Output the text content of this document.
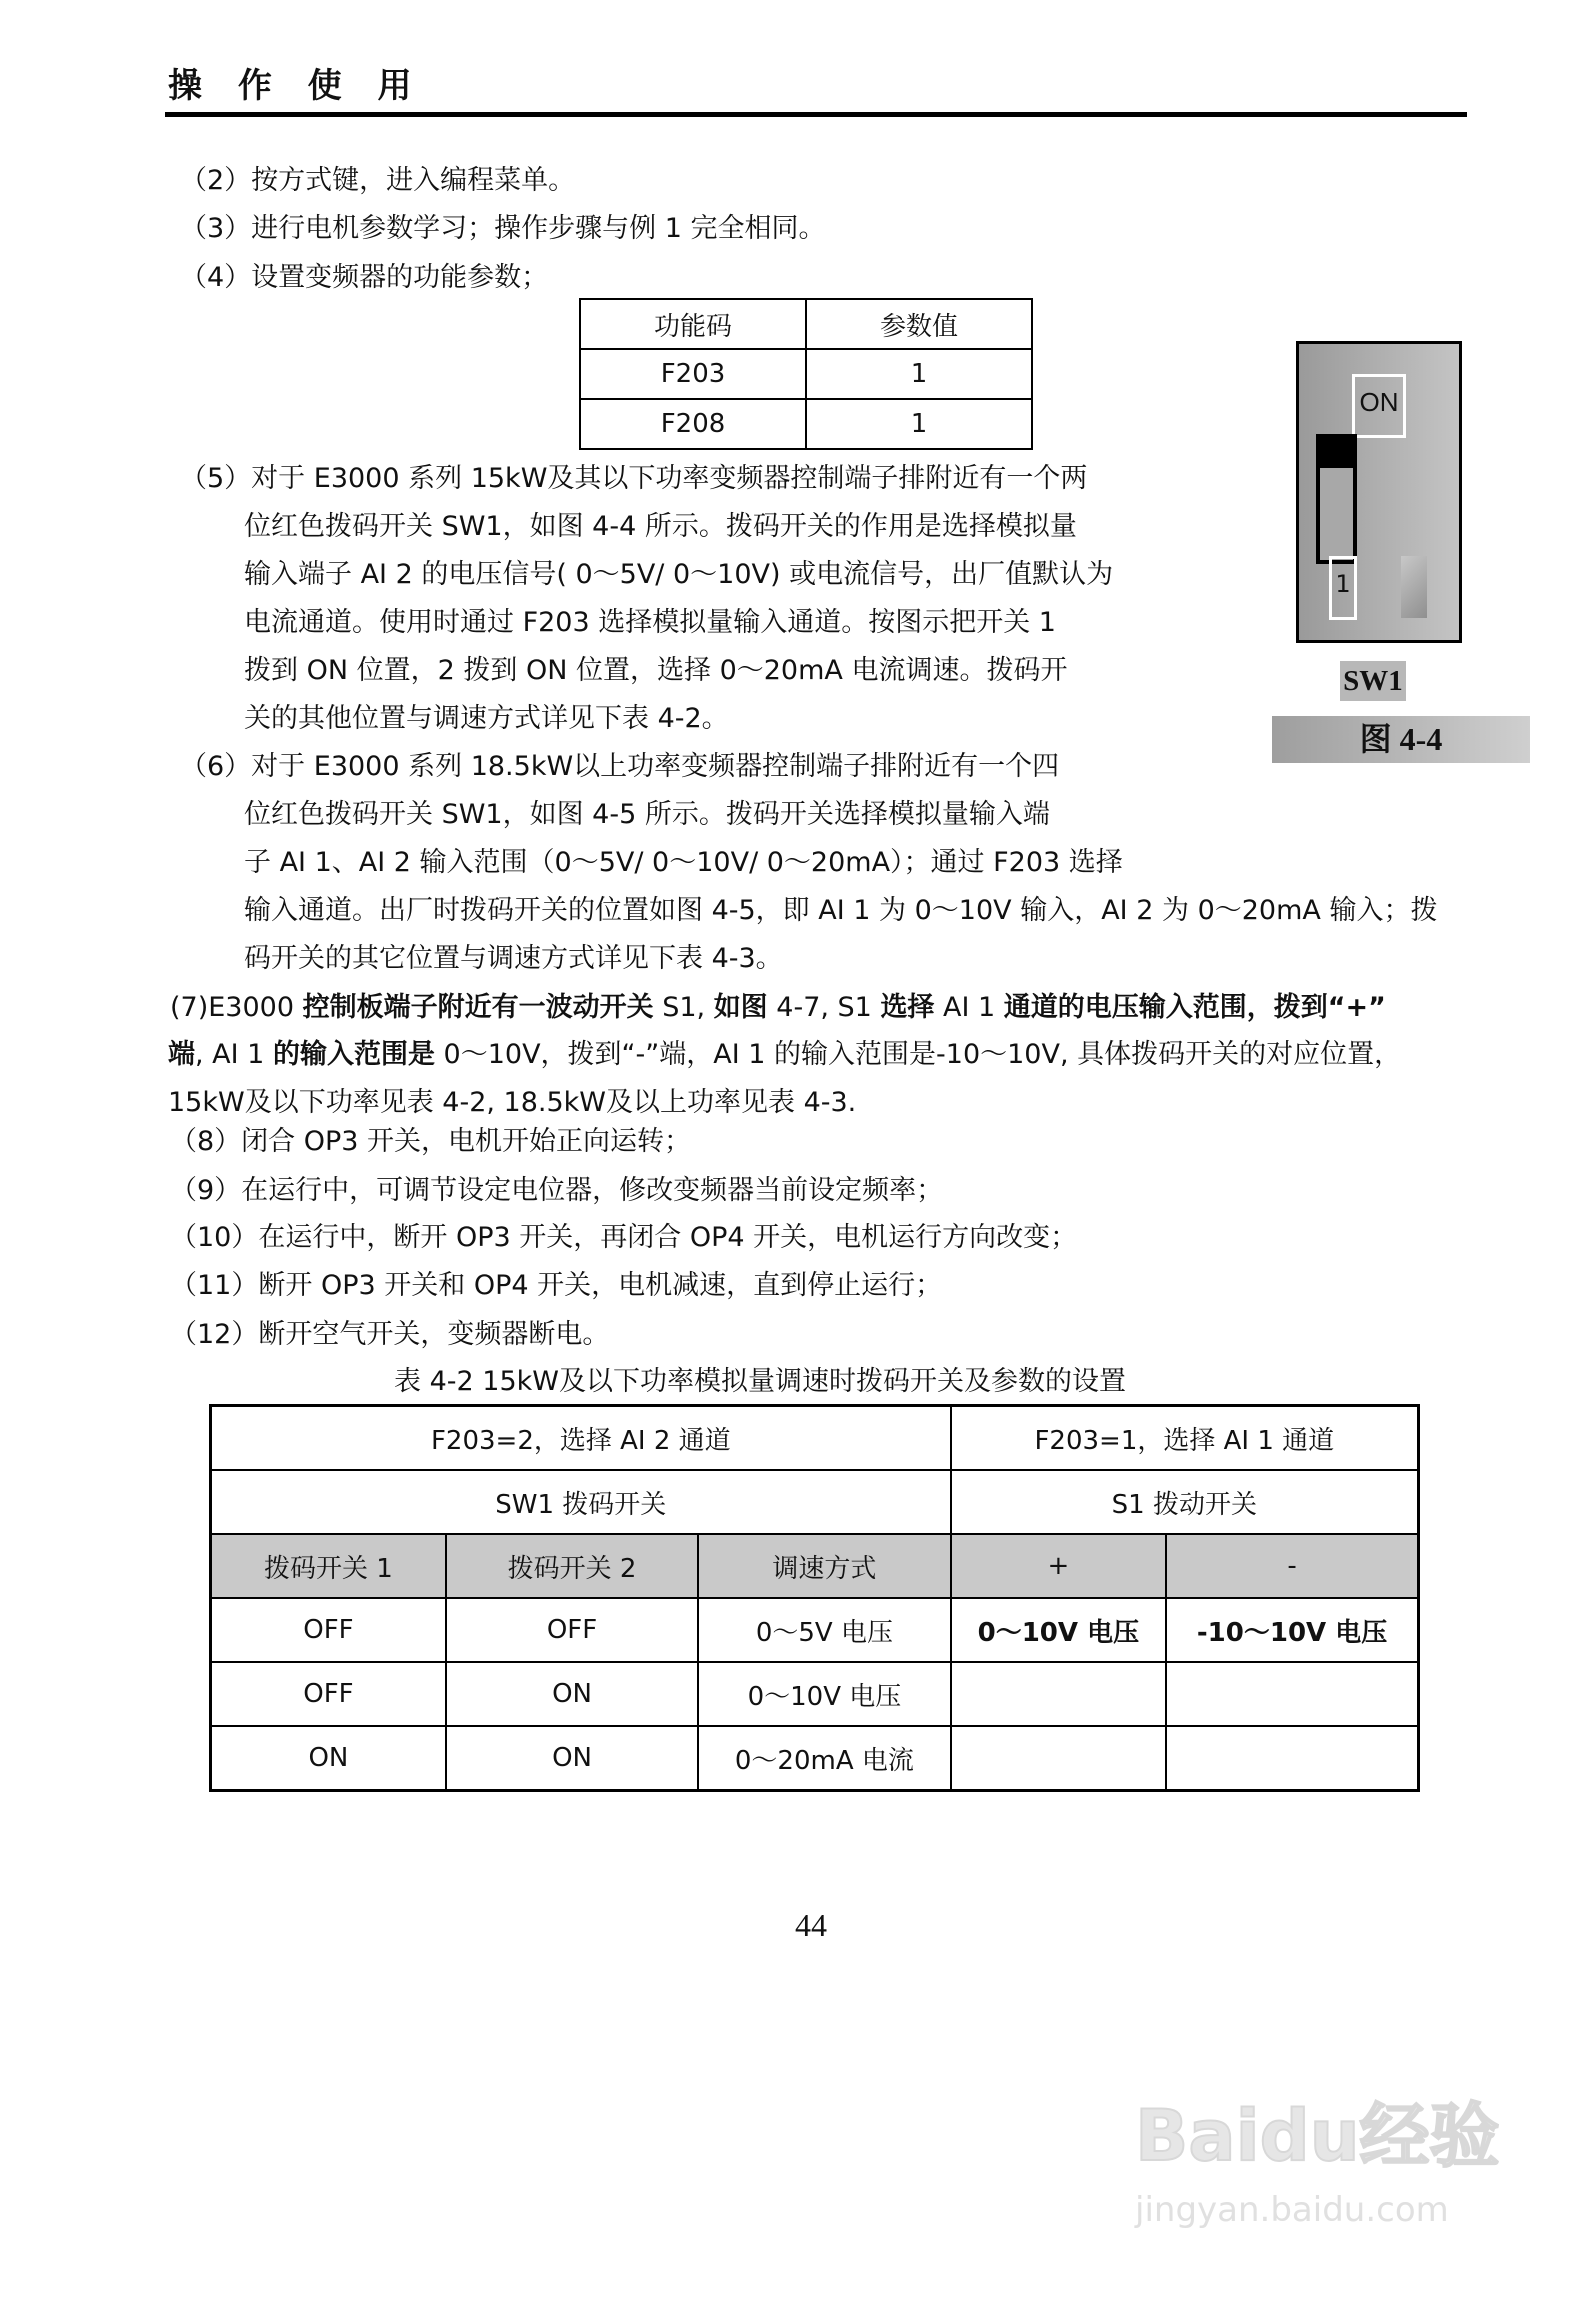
操 作 使 用
（2）按方式键，进入编程菜单。
（3）进行电机参数学习；操作步骤与例 1 完全相同。
（4）设置变频器的功能参数；
功能码	参数值
F203	1
F208	1
（5）对于 E3000 系列 15kW及其以下功率变频器控制端子排附近有一个两
位红色拨码开关 SW1，如图 4-4 所示。拨码开关的作用是选择模拟量
输入端子 AI 2 的电压信号( 0～5V/ 0～10V) 或电流信号，出厂值默认为
电流通道。使用时通过 F203 选择模拟量输入通道。按图示把开关 1
拨到 ON 位置，2 拨到 ON 位置，选择 0～20mA 电流调速。拨码开
关的其他位置与调速方式详见下表 4-2。
（6）对于 E3000 系列 18.5kW以上功率变频器控制端子排附近有一个四
位红色拨码开关 SW1，如图 4-5 所示。拨码开关选择模拟量输入端
子 AI 1、AI 2 输入范围（0～5V/ 0～10V/ 0～20mA）；通过 F203 选择
输入通道。出厂时拨码开关的位置如图 4-5，即 AI 1 为 0～10V 输入，AI 2 为 0～20mA 输入；拨
码开关的其它位置与调速方式详见下表 4-3。
(7)E3000 控制板端子附近有一波动开关 S1, 如图 4-7, S1 选择 AI 1 通道的电压输入范围，拨到“+”
端, AI 1 的输入范围是 0～10V，拨到“-”端，AI 1 的输入范围是-10～10V, 具体拨码开关的对应位置，
15kW及以下功率见表 4-2, 18.5kW及以上功率见表 4-3.
（8）闭合 OP3 开关，电机开始正向运转；
（9）在运行中，可调节设定电位器，修改变频器当前设定频率；
（10）在运行中，断开 OP3 开关，再闭合 OP4 开关，电机运行方向改变；
（11）断开 OP3 开关和 OP4 开关，电机减速，直到停止运行；
（12）断开空气开关，变频器断电。
ON
1
SW1
图 4-4
表 4-2 15kW及以下功率模拟量调速时拨码开关及参数的设置
F203=2，选择 AI 2 通道			F203=1，选择 AI 1 通道	
SW1 拨码开关			S1 拨动开关	
拨码开关 1	拨码开关 2	调速方式	+	-
OFF	OFF	0～5V 电压	0～10V 电压	-10～10V 电压
OFF	ON	0～10V 电压		
ON	ON	0～20mA 电流		
44
Baidu经验
jingyan.baidu.com
